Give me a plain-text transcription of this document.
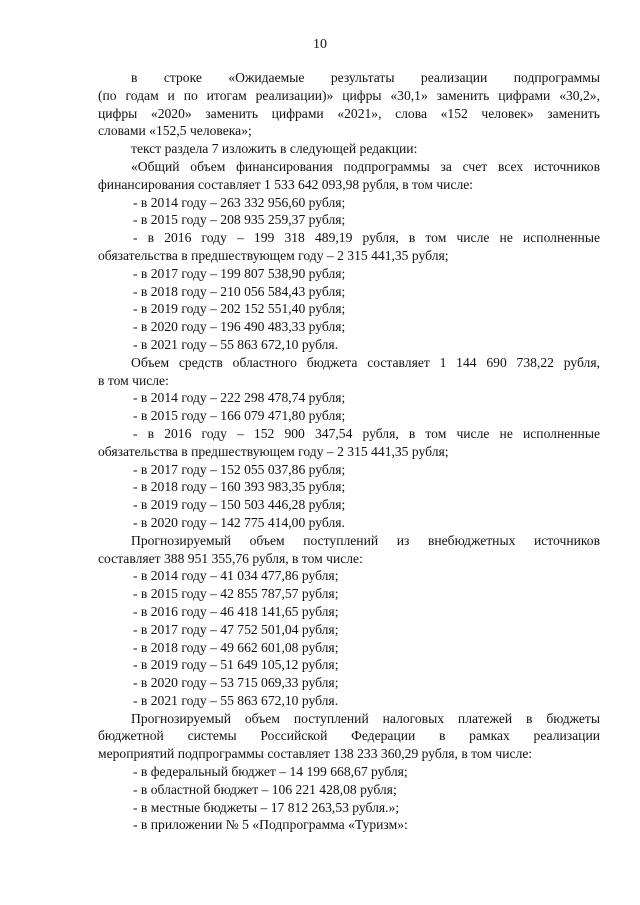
10
в строке «Ожидаемые результаты реализации подпрограммы
(по годам и по итогам реализации)» цифры «30,1» заменить цифрами «30,2»,
цифры «2020» заменить цифрами «2021», слова «152 человек» заменить
словами «152,5 человека»;
текст раздела 7 изложить в следующей редакции:
«Общий объем финансирования подпрограммы за счет всех источников
финансирования составляет 1 533 642 093,98 рубля, в том числе:
- в 2014 году – 263 332 956,60 рубля;
- в 2015 году – 208 935 259,37 рубля;
- в 2016 году – 199 318 489,19 рубля, в том числе не исполненные
обязательства в предшествующем году – 2 315 441,35 рубля;
- в 2017 году – 199 807 538,90 рубля;
- в 2018 году – 210 056 584,43 рубля;
- в 2019 году – 202 152 551,40 рубля;
- в 2020 году – 196 490 483,33 рубля;
- в 2021 году – 55 863 672,10 рубля.
Объем средств областного бюджета составляет 1 144 690 738,22 рубля,
в том числе:
- в 2014 году – 222 298 478,74 рубля;
- в 2015 году – 166 079 471,80 рубля;
- в 2016 году – 152 900 347,54 рубля, в том числе не исполненные
обязательства в предшествующем году – 2 315 441,35 рубля;
- в 2017 году – 152 055 037,86 рубля;
- в 2018 году – 160 393 983,35 рубля;
- в 2019 году – 150 503 446,28 рубля;
- в 2020 году – 142 775 414,00 рубля.
Прогнозируемый объем поступлений из внебюджетных источников
составляет 388 951 355,76 рубля, в том числе:
- в 2014 году – 41 034 477,86 рубля;
- в 2015 году – 42 855 787,57 рубля;
- в 2016 году – 46 418 141,65 рубля;
- в 2017 году – 47 752 501,04 рубля;
- в 2018 году – 49 662 601,08 рубля;
- в 2019 году – 51 649 105,12 рубля;
- в 2020 году – 53 715 069,33 рубля;
- в 2021 году – 55 863 672,10 рубля.
Прогнозируемый объем поступлений налоговых платежей в бюджеты
бюджетной системы Российской Федерации в рамках реализации
мероприятий подпрограммы составляет 138 233 360,29 рубля, в том числе:
- в федеральный бюджет – 14 199 668,67 рубля;
- в областной бюджет – 106 221 428,08 рубля;
- в местные бюджеты – 17 812 263,53 рубля.»;
- в приложении № 5 «Подпрограмма «Туризм»:
